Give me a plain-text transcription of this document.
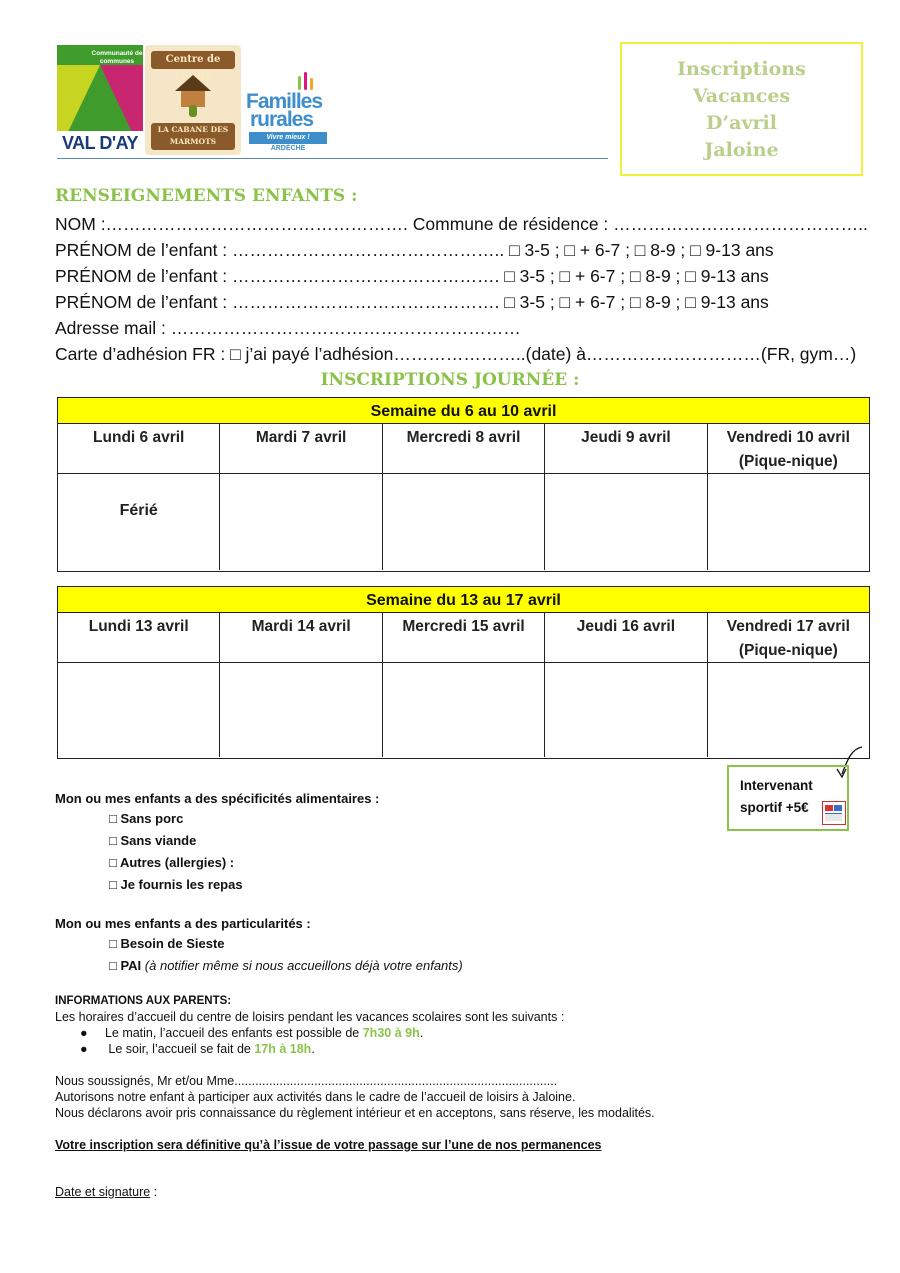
Communauté de communes
VAL D'AY
Centre de Loisirs
LA CABANE DES MARMOTS
Familles
rurales
Vivre mieux !
ARDÈCHE
Inscriptions
Vacances
D’avril
Jaloine
RENSEIGNEMENTS ENFANTS :
NOM :……………………………………………. Commune de résidence : ……………………………………..
PRÉNOM de l’enfant : ……………………………………….. □ 3-5 ; □ + 6-7 ; □ 8-9 ; □ 9-13 ans
PRÉNOM de l’enfant : ………………………………………. □ 3-5 ; □ + 6-7 ; □ 8-9 ; □ 9-13 ans
PRÉNOM de l’enfant : ………………………………………. □ 3-5 ; □ + 6-7 ; □ 8-9 ; □ 9-13 ans
Adresse mail : ……………………………………………………
Carte d’adhésion FR : □ j’ai payé l’adhésion…………………..(date) à…………………………(FR, gym…)
INSCRIPTIONS JOURNÉE :
Semaine du 6 au 10 avril
Lundi 6 avril	Mardi 7 avril	Mercredi 8 avril	Jeudi 9 avril	Vendredi 10 avril
(Pique-nique)
Férié
Semaine du 13 au 17 avril
Lundi 13 avril	Mardi 14 avril	Mercredi 15 avril	Jeudi 16 avril	Vendredi 17 avril
(Pique-nique)
Intervenant
sportif +5€
Mon ou mes enfants a des spécificités alimentaires :
□ Sans porc
□ Sans viande
□ Autres (allergies) :
□ Je fournis les repas
Mon ou mes enfants a des particularités :
□ Besoin de Sieste
□ PAI (à notifier même si nous accueillons déjà votre enfants)
INFORMATIONS AUX PARENTS:
Les horaires d’accueil du centre de loisirs pendant les vacances scolaires sont les suivants :
● Le matin, l’accueil des enfants est possible de 7h30 à 9h.
● Le soir, l’accueil se fait de 17h à 18h.
Nous soussignés, Mr et/ou Mme.............................................................................................
Autorisons notre enfant à participer aux activités dans le cadre de l’accueil de loisirs à Jaloine.
Nous déclarons avoir pris connaissance du règlement intérieur et en acceptons, sans réserve, les modalités.
Votre inscription sera définitive qu’à l’issue de votre passage sur l’une de nos permanences
Date et signature :
